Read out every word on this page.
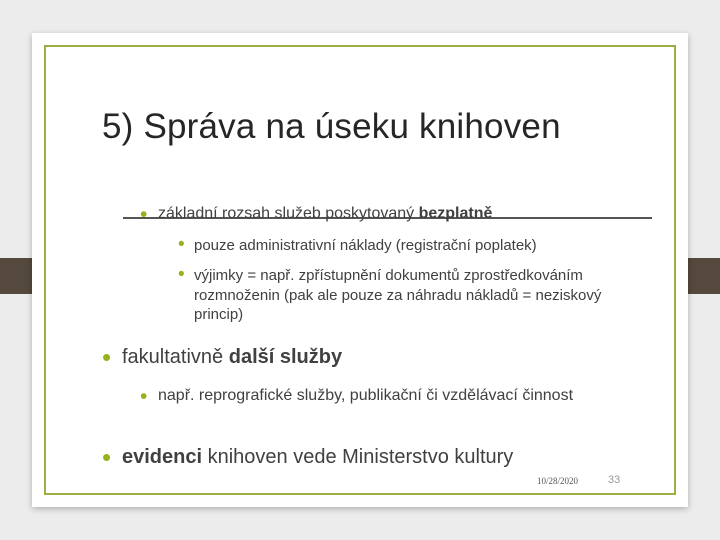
5) Správa na úseku knihoven
• základní rozsah služeb poskytovaný bezplatně
• pouze administrativní náklady (registrační poplatek)
• výjimky = např. zpřístupnění dokumentů zprostředkováním rozmnoženin (pak ale pouze za náhradu nákladů = neziskový princip)
• fakultativně další služby
• např. reprografické služby, publikační či vzdělávací činnost
• evidenci knihoven vede Ministerstvo kultury
10/28/2020	33
